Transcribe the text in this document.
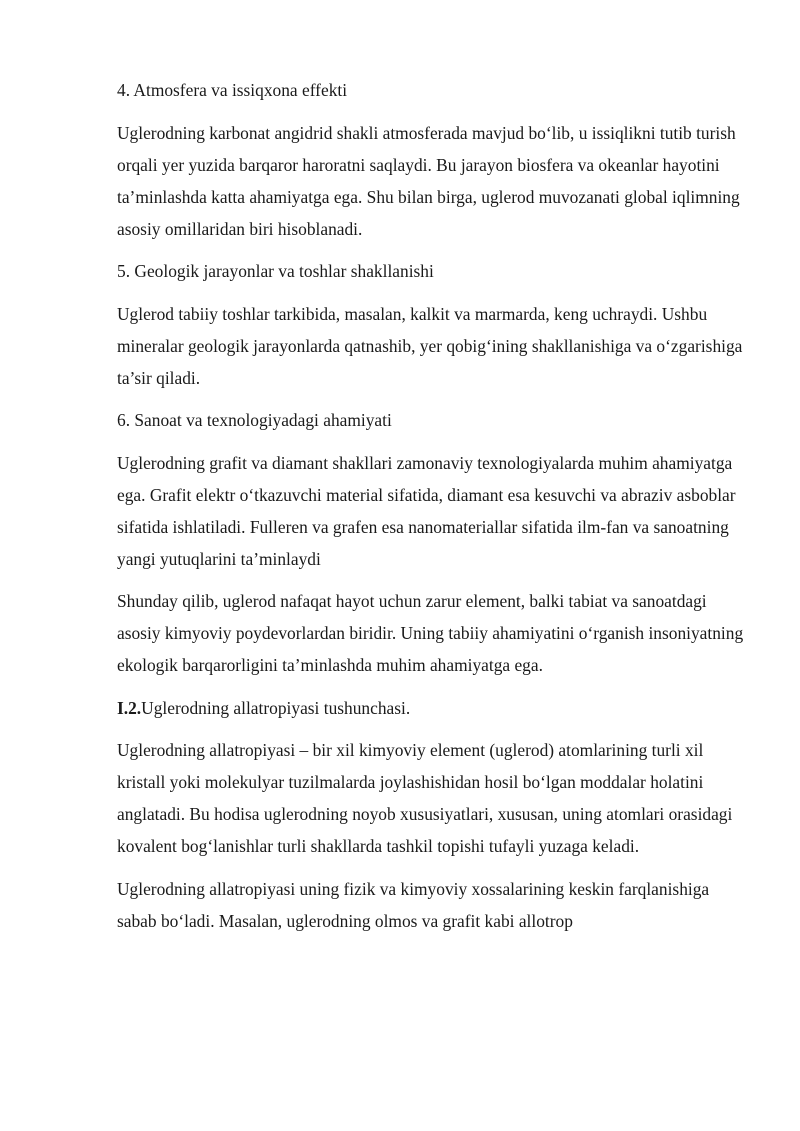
4. Atmosfera va issiqxona effekti

Uglerodning karbonat angidrid shakli atmosferada mavjud bo‘lib, u issiqlikni tutib turish orqali yer yuzida barqaror haroratni saqlaydi. Bu jarayon biosfera va okeanlar hayotini ta’minlashda katta ahamiyatga ega. Shu bilan birga, uglerod muvozanati global iqlimning asosiy omillaridan biri hisoblanadi.

5. Geologik jarayonlar va toshlar shakllanishi

Uglerod tabiiy toshlar tarkibida, masalan, kalkit va marmarda, keng uchraydi. Ushbu mineralar geologik jarayonlarda qatnashib, yer qobig‘ining shakllanishiga va o‘zgarishiga ta’sir qiladi.

6. Sanoat va texnologiyadagi ahamiyati

Uglerodning grafit va diamant shakllari zamonaviy texnologiyalarda muhim ahamiyatga ega. Grafit elektr o‘tkazuvchi material sifatida, diamant esa kesuvchi va abraziv asboblar sifatida ishlatiladi. Fulleren va grafen esa nanomateriallar sifatida ilm-fan va sanoatning yangi yutuqlarini ta’minlaydi

Shunday qilib, uglerod nafaqat hayot uchun zarur element, balki tabiat va sanoatdagi asosiy kimyoviy poydevorlardan biridir. Uning tabiiy ahamiyatini o‘rganish insoniyatning ekologik barqarorligini ta’minlashda muhim ahamiyatga ega.

I.2.Uglerodning allatropiyasi tushunchasi.

Uglerodning allatropiyasi – bir xil kimyoviy element (uglerod) atomlarining turli xil kristall yoki molekulyar tuzilmalarda joylashishidan hosil bo‘lgan moddalar holatini anglatadi. Bu hodisa uglerodning noyob xususiyatlari, xususan, uning atomlari orasidagi kovalent bog‘lanishlar turli shakllarda tashkil topishi tufayli yuzaga keladi.

Uglerodning allatropiyasi uning fizik va kimyoviy xossalarining keskin farqlanishiga sabab bo‘ladi. Masalan, uglerodning olmos va grafit kabi allotrop
